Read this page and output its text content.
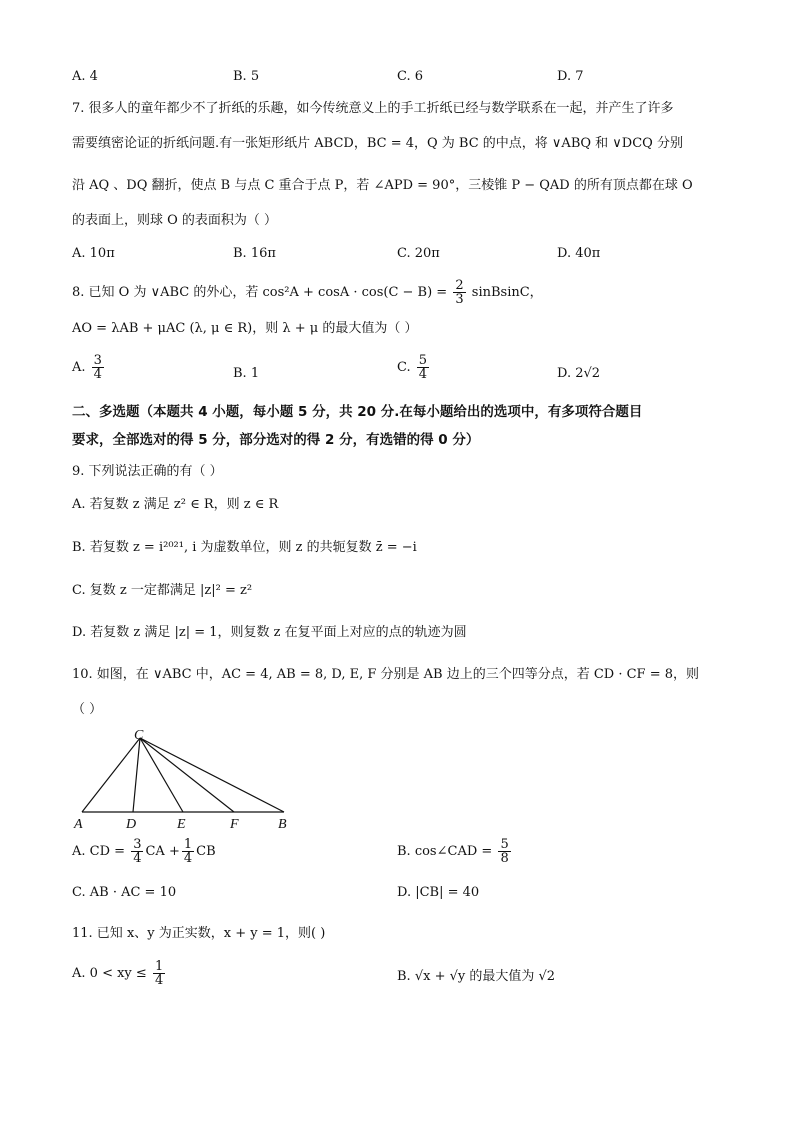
A. 4	B. 5	C. 6	D. 7
7. 很多人的童年都少不了折纸的乐趣，如今传统意义上的手工折纸已经与数学联系在一起，并产生了许多
需要缜密论证的折纸问题.有一张矩形纸片 ABCD，BC = 4，Q 为 BC 的中点，将 ∨ABQ 和 ∨DCQ 分别
沿 AQ 、DQ 翻折，使点 B 与点 C 重合于点 P，若 ∠APD = 90°，三棱锥 P − QAD 的所有顶点都在球 O
的表面上，则球 O 的表面积为（ ）
A. 10π	B. 16π	C. 20π	D. 40π
8. 已知 O 为 ∨ABC 的外心，若 $\cos^2A + \cos A \cdot \cos(C - B) = \frac{2}{3}$ sinBsinC，
AO = λAB + μAC (λ, μ ∈ R)，则 λ + μ 的最大值为（ ）
A. $\frac{3}{4}$	B. 1	C. $\frac{5}{4}$	D. 2√2
二、多选题（本题共 4 小题，每小题 5 分，共 20 分.在每小题给出的选项中，有多项符合题目
要求，全部选对的得 5 分，部分选对的得 2 分，有选错的得 0 分）
9. 下列说法正确的有（ ）
A. 若复数 z 满足 z² ∈ R，则 z ∈ R
B. 若复数 z = i²⁰²¹, i 为虚数单位，则 z 的共轭复数 z̄ = −i
C. 复数 z 一定都满足 |z|² = z²
D. 若复数 z 满足 |z| = 1，则复数 z 在复平面上对应的点的轨迹为圆
10. 如图，在 ∨ABC 中，AC = 4, AB = 8, D, E, F 分别是 AB 边上的三个四等分点，若 CD · CF = 8，则
（ ）
C
A	D	E	F	B
A. CD = $\frac{3}{4}$ CA + $\frac{1}{4}$ CB	B. cos∠CAD = $\frac{5}{8}$
C. AB · AC = 10	D. |CB| = 40
11. 已知 x、y 为正实数，x + y = 1，则( )
A. 0 < xy ≤ $\frac{1}{4}$	B. √x + √y 的最大值为 √2
